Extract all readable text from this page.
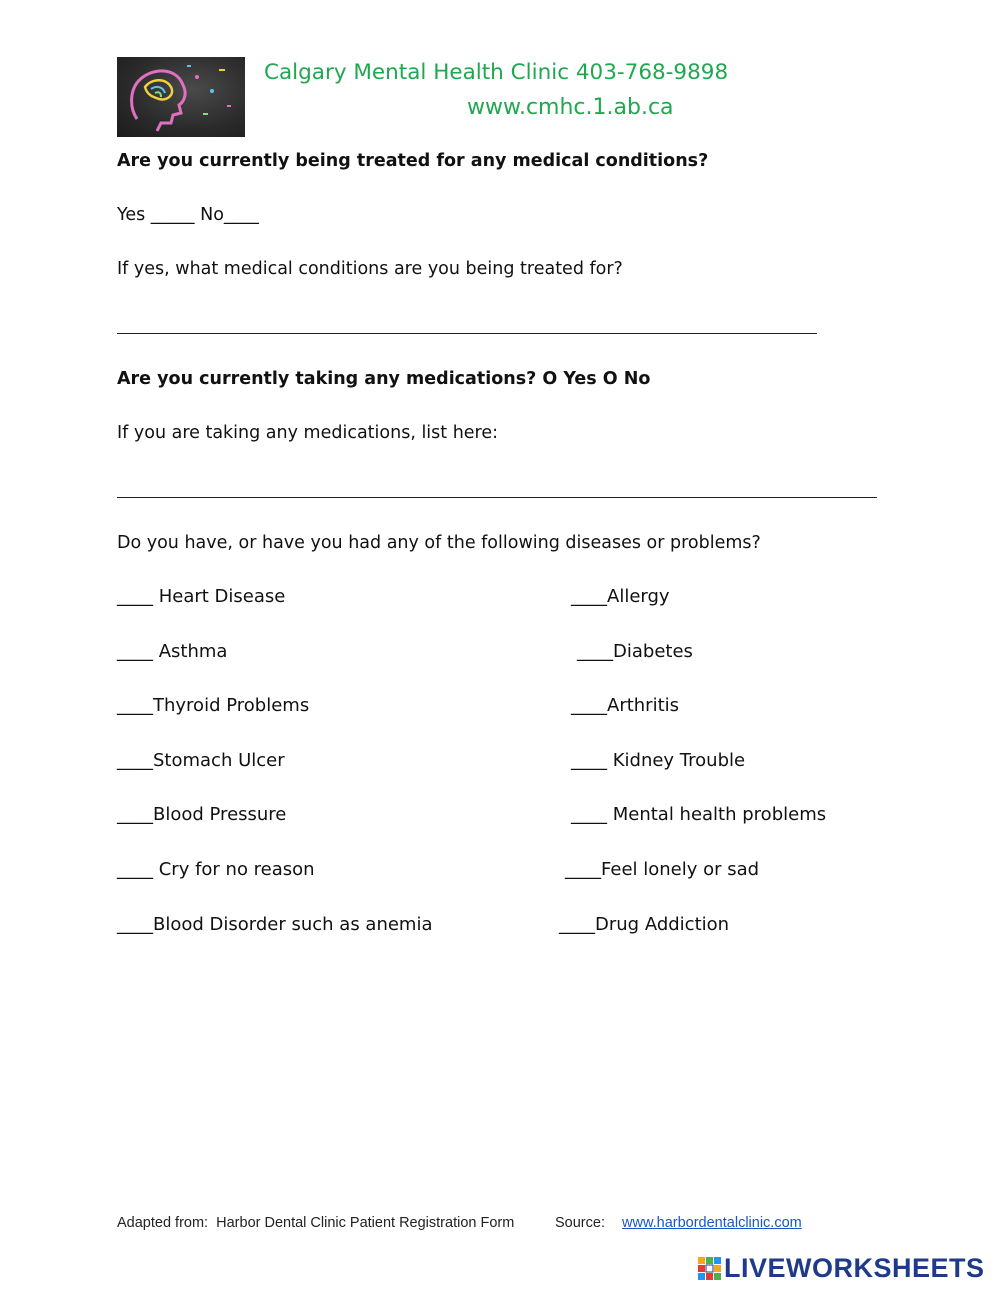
Calgary Mental Health Clinic 403-768-9898
www.cmhc.1.ab.ca
Are you currently being treated for any medical conditions?
Yes _____ No____
If yes, what medical conditions are you being treated for?
Are you currently taking any medications? O Yes O No
If you are taking any medications, list here:
Do you have, or have you had any of the following diseases or problems?
____ Heart Disease
____ Asthma
____Thyroid Problems
____Stomach Ulcer
____Blood Pressure
____ Cry for no reason
____Blood Disorder such as anemia
____Allergy
____Diabetes
____Arthritis
____ Kidney Trouble
____ Mental health problems
____Feel lonely or sad
____Drug Addiction
Adapted from:  Harbor Dental Clinic Patient Registration Form	Source: www.harbordentalclinic.com
LIVEWORKSHEETS
